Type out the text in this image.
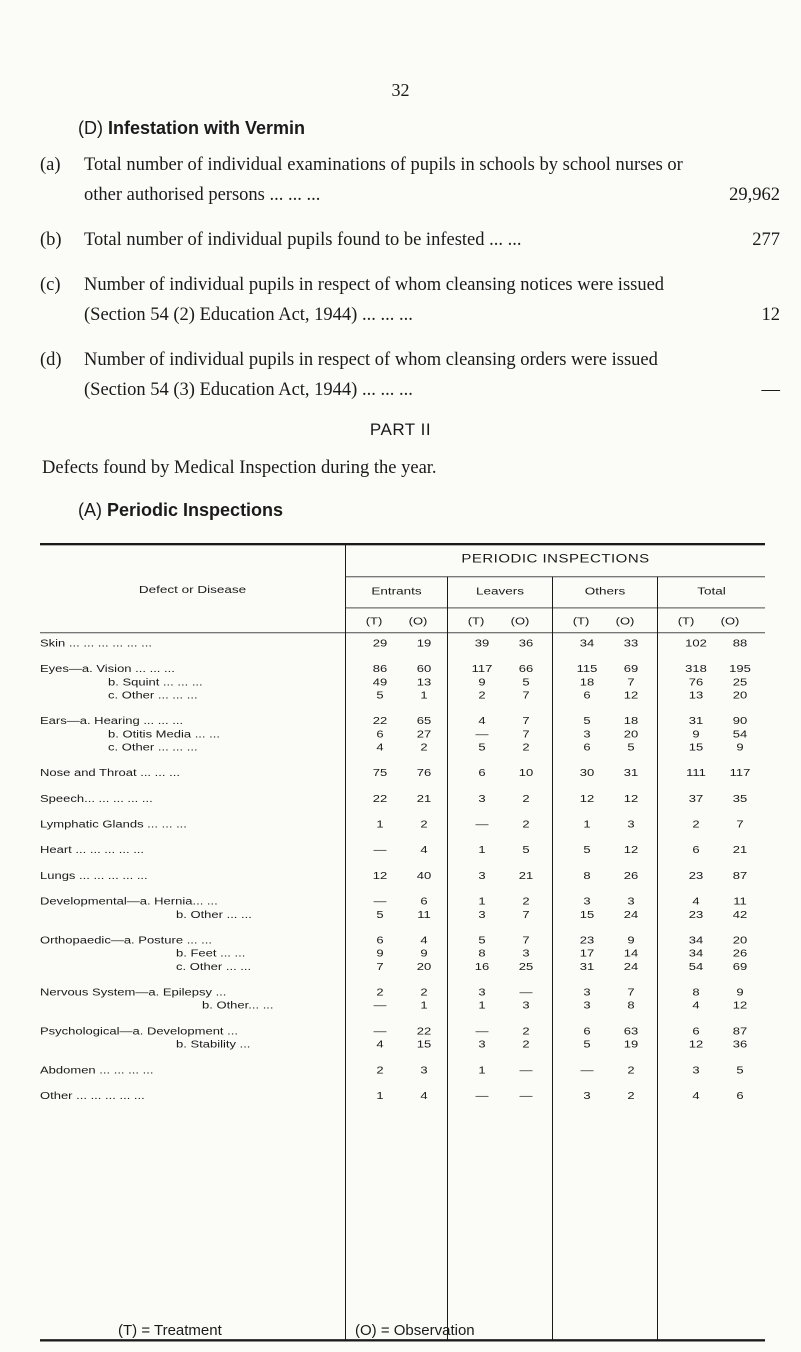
32
(D) Infestation with Vermin
(a) Total number of individual examinations of pupils in schools by school nurses or other authorised persons ... ... ...	29,962
(b) Total number of individual pupils found to be infested ... ...	277
(c) Number of individual pupils in respect of whom cleansing notices were issued (Section 54 (2) Education Act, 1944) ... ... ...	12
(d) Number of individual pupils in respect of whom cleansing orders were issued (Section 54 (3) Education Act, 1944) ... ... ...	—
PART II
Defects found by Medical Inspection during the year.
(A) Periodic Inspections
Defect or Disease
PERIODIC INSPECTIONS
Entrants
(T)	(O)
Leavers
(T)	(O)
Others
(T)	(O)
Total
(T)	(O)
Skin ... ... ... ... ... ...	29	19	39	36	34	33	102	88
Eyes—a. Vision ... ... ...	86	60	117	66	115	69	318	195
b. Squint ... ... ...	49	13	9	5	18	7	76	25
c. Other ... ... ...	5	1	2	7	6	12	13	20
Ears—a. Hearing ... ... ...	22	65	4	7	5	18	31	90
b. Otitis Media ... ...	6	27	—	7	3	20	9	54
c. Other ... ... ...	4	2	5	2	6	5	15	9
Nose and Throat ... ... ...	75	76	6	10	30	31	111	117
Speech... ... ... ... ...	22	21	3	2	12	12	37	35
Lymphatic Glands ... ... ...	1	2	—	2	1	3	2	7
Heart ... ... ... ... ...	—	4	1	5	5	12	6	21
Lungs ... ... ... ... ...	12	40	3	21	8	26	23	87
Developmental—a. Hernia... ...	—	6	1	2	3	3	4	11
b. Other ... ...	5	11	3	7	15	24	23	42
Orthopaedic—a. Posture ... ...	6	4	5	7	23	9	34	20
b. Feet ... ...	9	9	8	3	17	14	34	26
c. Other ... ...	7	20	16	25	31	24	54	69
Nervous System—a. Epilepsy ...	2	2	3	—	3	7	8	9
b. Other... ...	—	1	1	3	3	8	4	12
Psychological—a. Development ...	—	22	—	2	6	63	6	87
b. Stability ...	4	15	3	2	5	19	12	36
Abdomen ... ... ... ...	2	3	1	—	—	2	3	5
Other ... ... ... ... ...	1	4	—	—	3	2	4	6
(T) = Treatment	(O) = Observation
